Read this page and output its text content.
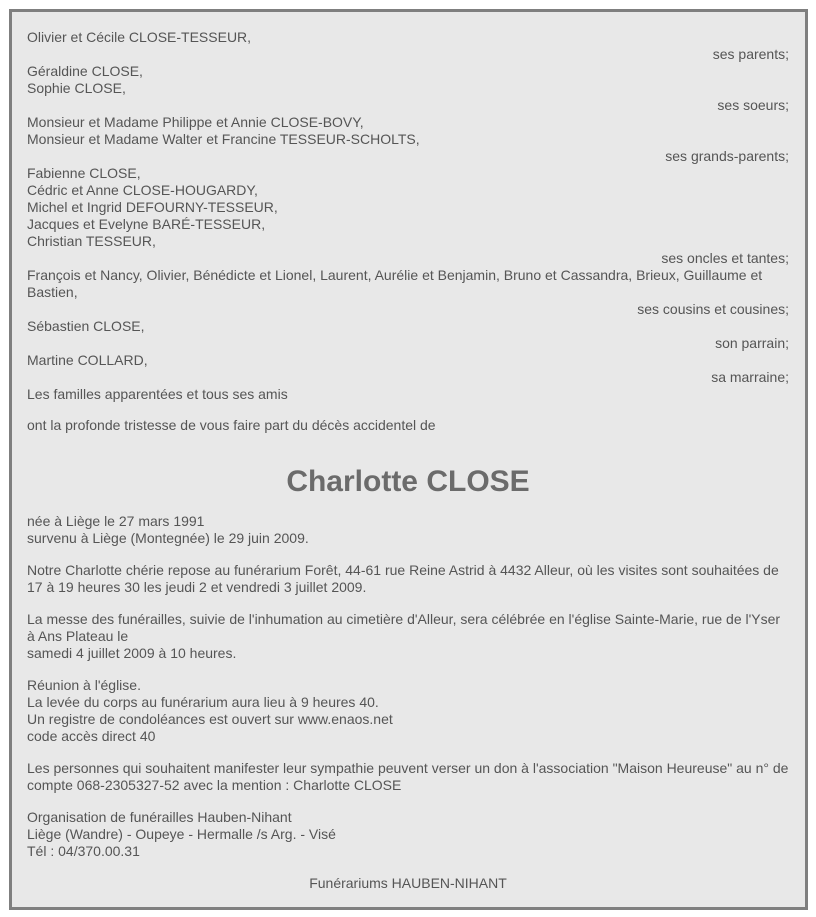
Olivier et Cécile CLOSE-TESSEUR,
ses parents;
Géraldine CLOSE,
Sophie CLOSE,
ses soeurs;
Monsieur et Madame Philippe et Annie CLOSE-BOVY,
Monsieur et Madame Walter et Francine TESSEUR-SCHOLTS,
ses grands-parents;
Fabienne CLOSE,
Cédric et Anne CLOSE-HOUGARDY,
Michel et Ingrid DEFOURNY-TESSEUR,
Jacques et Evelyne BARÉ-TESSEUR,
Christian TESSEUR,
ses oncles et tantes;
François et Nancy, Olivier, Bénédicte et Lionel, Laurent, Aurélie et Benjamin, Bruno et Cassandra, Brieux, Guillaume et Bastien,
ses cousins et cousines;
Sébastien CLOSE,
son parrain;
Martine COLLARD,
sa marraine;
Les familles apparentées et tous ses amis
ont la profonde tristesse de vous faire part du décès accidentel de
Charlotte CLOSE
née à Liège le 27 mars 1991
survenu à Liège (Montegnée) le 29 juin 2009.
Notre Charlotte chérie repose au funérarium Forêt, 44-61 rue Reine Astrid à 4432 Alleur, où les visites sont souhaitées de 17 à 19 heures 30 les jeudi 2 et vendredi 3 juillet 2009.
La messe des funérailles, suivie de l'inhumation au cimetière d'Alleur, sera célébrée en l'église Sainte-Marie, rue de l'Yser à Ans Plateau le
samedi 4 juillet 2009 à 10 heures.
Réunion à l'église.
La levée du corps au funérarium aura lieu à 9 heures 40.
Un registre de condoléances est ouvert sur www.enaos.net
code accès direct 40
Les personnes qui souhaitent manifester leur sympathie peuvent verser un don à l'association "Maison Heureuse" au n° de compte 068-2305327-52 avec la mention : Charlotte CLOSE
Organisation de funérailles Hauben-Nihant
Liège (Wandre) - Oupeye - Hermalle /s Arg. - Visé
Tél : 04/370.00.31
Funérariums HAUBEN-NIHANT
